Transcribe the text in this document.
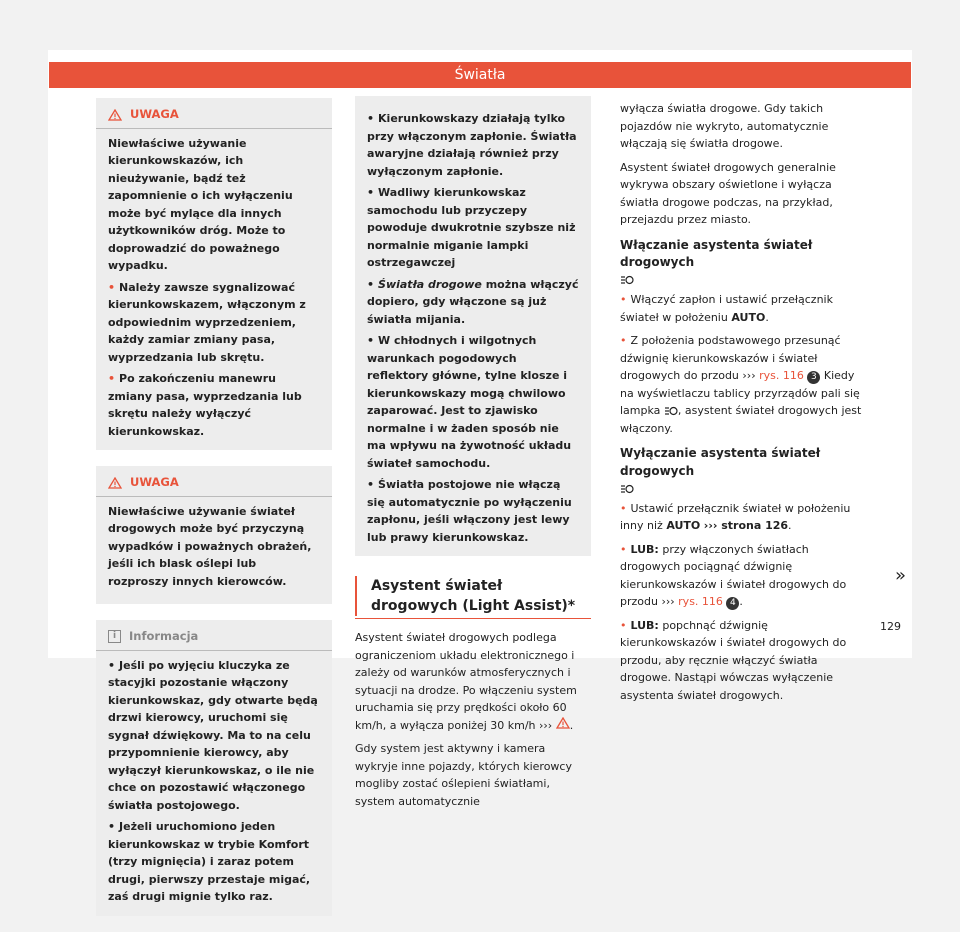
Światła
UWAGA

Niewłaściwe używanie kierunkowskazów, ich nieużywanie, bądź też zapomnienie o ich wyłączeniu może być mylące dla innych użytkowników dróg. Może to doprowadzić do poważnego wypadku.

• Należy zawsze sygnalizować kierunkowskazem, włączonym z odpowiednim wyprzedzeniem, każdy zamiar zmiany pasa, wyprzedzania lub skrętu.
• Po zakończeniu manewru zmiany pasa, wyprzedzania lub skrętu należy wyłączyć kierunkowskaz.
UWAGA

Niewłaściwe używanie świateł drogowych może być przyczyną wypadków i poważnych obrażeń, jeśli ich blask oślepi lub rozproszy innych kierowców.

i	Informacja
• Jeśli po wyjęciu kluczyka ze stacyjki pozostanie włączony kierunkowskaz, gdy otwarte będą drzwi kierowcy, uruchomi się sygnał dźwiękowy. Ma to na celu przypomnienie kierowcy, aby wyłączył kierunkowskaz, o ile nie chce on pozostawić włączonego światła postojowego.
• Jeżeli uruchomiono jeden kierunkowskaz w trybie Komfort (trzy mignięcia) i zaraz potem drugi, pierwszy przestaje migać, zaś drugi mignie tylko raz.
• Kierunkowskazy działają tylko przy włączonym zapłonie. Światła awaryjne działają również przy wyłączonym zapłonie.
• Wadliwy kierunkowskaz samochodu lub przyczepy powoduje dwukrotnie szybsze niż normalnie miganie lampki ostrzegawczej
• Światła drogowe można włączyć dopiero, gdy włączone są już światła mijania.
• W chłodnych i wilgotnych warunkach pogodowych reflektory główne, tylne klosze i kierunkowskazy mogą chwilowo zaparować. Jest to zjawisko normalne i w żaden sposób nie ma wpływu na żywotność układu świateł samochodu.
• Światła postojowe nie włączą się automatycznie po wyłączeniu zapłonu, jeśli włączony jest lewy lub prawy kierunkowskaz.
Asystent świateł drogowych (Light Assist)*

Asystent świateł drogowych podlega ograniczeniom układu elektronicznego i zależy od warunków atmosferycznych i sytuacji na drodze. Po włączeniu system uruchamia się przy prędkości około 60 km/h, a wyłącza poniżej 30 km/h ››› .

Gdy system jest aktywny i kamera wykryje inne pojazdy, których kierowcy mogliby zostać oślepieni światłami, system automatycznie

wyłącza światła drogowe. Gdy takich pojazdów nie wykryto, automatycznie włączają się światła drogowe.

Asystent świateł drogowych generalnie wykrywa obszary oświetlone i wyłącza światła drogowe podczas, na przykład, przejazdu przez miasto.

Włączanie asystenta świateł drogowych

• Włączyć zapłon i ustawić przełącznik świateł w położeniu AUTO.

• Z położenia podstawowego przesunąć dźwignię kierunkowskazów i świateł drogowych do przodu ››› rys. 116 3 Kiedy na wyświetlaczu tablicy przyrządów pali się lampka , asystent świateł drogowych jest włączony.

Wyłączanie asystenta świateł drogowych

• Ustawić przełącznik świateł w położeniu inny niż AUTO ››› strona 126.

• LUB: przy włączonych światłach drogowych pociągnąć dźwignię kierunkowskazów i świateł drogowych do przodu ››› rys. 116 4 .

• LUB: popchnąć dźwignię kierunkowskazów i świateł drogowych do przodu, aby ręcznie włączyć światła drogowe. Nastąpi wówczas wyłączenie asystenta świateł drogowych.

»
129
